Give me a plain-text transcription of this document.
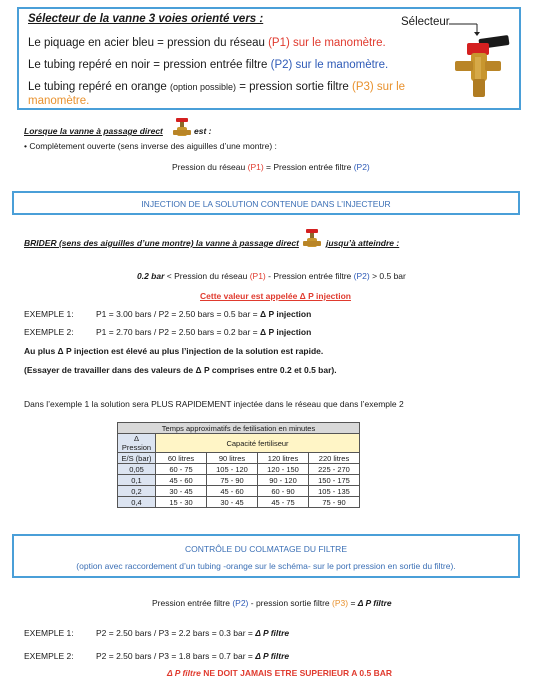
Sélecteur de la vanne 3 voies orienté vers :
Le piquage en acier bleu = pression du réseau (P1) sur le manomètre.
Le tubing repéré en noir = pression entrée filtre (P2) sur le manomètre.
Le tubing repéré en orange (option possible) = pression sortie filtre (P3) sur le
manomètre.
Sélecteur
Lorsque la vanne à passage direct	est :
• Complètement ouverte (sens inverse des aiguilles d’une montre) :
Pression du réseau (P1) = Pression entrée filtre (P2)
INJECTION DE LA SOLUTION CONTENUE DANS L’INJECTEUR
BRIDER (sens des aiguilles d’une montre) la vanne à passage direct	jusqu’à atteindre :
0.2 bar < Pression du réseau (P1) - Pression entrée filtre (P2) > 0.5 bar
Cette valeur est appelée Δ P injection
EXEMPLE 1:	P1 = 3.00 bars / P2 = 2.50 bars = 0.5 bar = Δ P injection
EXEMPLE 2:	P1 = 2.70 bars / P2 = 2.50 bars = 0.2 bar = Δ P injection
Au plus Δ P injection est élevé au plus l’injection de la solution est rapide.
(Essayer de travailler dans des valeurs de Δ P comprises entre 0.2 et 0.5 bar).
Dans l’exemple 1 la solution sera PLUS RAPIDEMENT injectée dans le réseau que dans l’exemple 2
Temps approximatifs de fetilisation en minutes				
Δ Pression	Capacité fertiliseur			
E/S (bar)	60 litres	90 litres	120 litres	220 litres
0,05	60 - 75	105 - 120	120 - 150	225 - 270
0,1	45 - 60	75 - 90	90 - 120	150 - 175
0,2	30 - 45	45 - 60	60 - 90	105 - 135
0,4	15 - 30	30 - 45	45 - 75	75 - 90
CONTRÔLE DU COLMATAGE DU FILTRE
(option avec raccordement d’un tubing -orange sur le schéma- sur le port pression en sortie du filtre).
Pression entrée filtre (P2) - pression sortie filtre (P3) = Δ P filtre
EXEMPLE 1:	P2 = 2.50 bars / P3 = 2.2 bars = 0.3 bar = Δ P filtre
EXEMPLE 2:	P2 = 2.50 bars / P3 = 1.8 bars = 0.7 bar = Δ P filtre
Δ P filtre NE DOIT JAMAIS ETRE SUPERIEUR A 0.5 BAR
